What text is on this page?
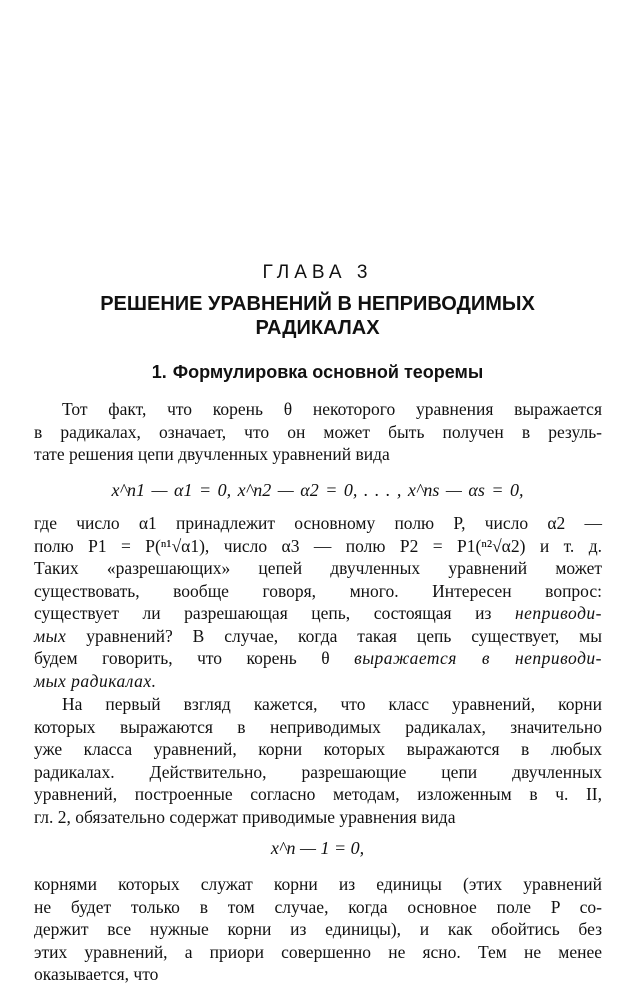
ГЛАВА 3
РЕШЕНИЕ УРАВНЕНИЙ В НЕПРИВОДИМЫХ РАДИКАЛАХ
1. Формулировка основной теоремы
Тот факт, что корень θ некоторого уравнения выражается
в радикалах, означает, что он может быть получен в резуль-
тате решения цепи двучленных уравнений вида
x^n1 — α1 = 0, x^n2 — α2 = 0, . . . , x^ns — αs = 0,
где число α1 принадлежит основному полю P, число α2 —
полю P1 = P(ⁿ¹√α1), число α3 — полю P2 = P1(ⁿ²√α2) и т. д.
Таких «разрешающих» цепей двучленных уравнений может
существовать, вообще говоря, много. Интересен вопрос:
существует ли разрешающая цепь, состоящая из неприводи-
мых уравнений? В случае, когда такая цепь существует, мы
будем говорить, что корень θ выражается в неприводи-
мых радикалах.
На первый взгляд кажется, что класс уравнений, корни
которых выражаются в неприводимых радикалах, значительно
уже класса уравнений, корни которых выражаются в любых
радикалах. Действительно, разрешающие цепи двучленных
уравнений, построенные согласно методам, изложенным в ч. II,
гл. 2, обязательно содержат приводимые уравнения вида
x^n — 1 = 0,
корнями которых служат корни из единицы (этих уравнений
не будет только в том случае, когда основное поле P со-
держит все нужные корни из единицы), и как обойтись без
этих уравнений, а приори совершенно не ясно. Тем не менее
оказывается, что
